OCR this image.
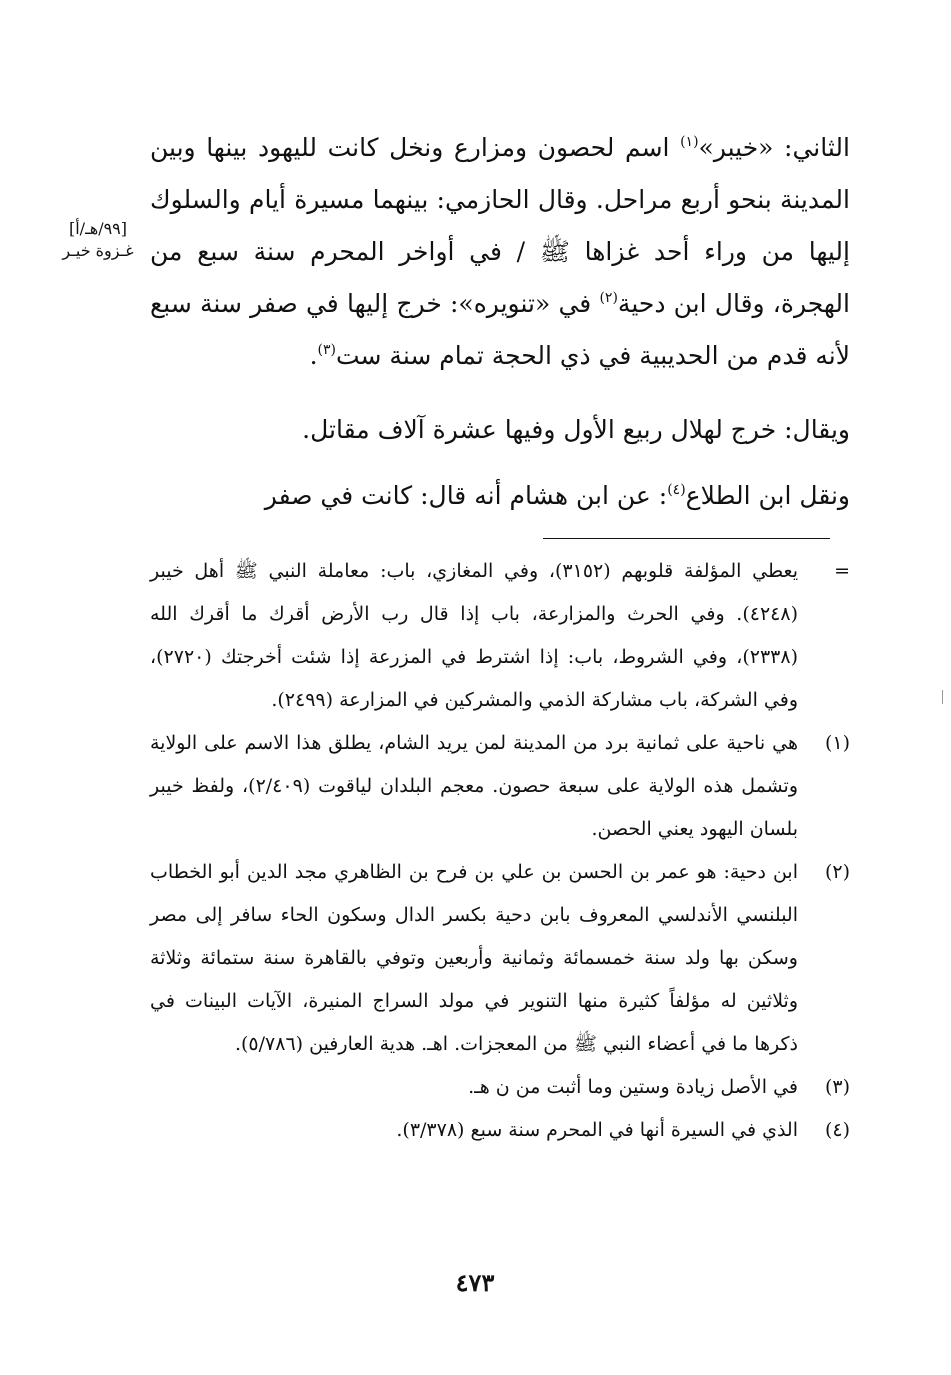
[٩٩/هـ/أ]
غـزوة خيـر

الثاني: «خيبر»$^{(١)}$ اسم لحصون ومزارع ونخل كانت لليهود بينها وبين المدينة بنحو أربع مراحل. وقال الحازمي: بينهما مسيرة أيام والسلوك إليها من وراء أحد غزاها ﷺ / في أواخر المحرم سنة سبع من الهجرة، وقال ابن دحية$^{(٢)}$ في «تنويره»: خرج إليها في صفر سنة سبع لأنه قدم من الحديبية في ذي الحجة تمام سنة ست$^{(٣)}$.

ويقال: خرج لهلال ربيع الأول وفيها عشرة آلاف مقاتل.

ونقل ابن الطلاع$^{(٤)}$: عن ابن هشام أنه قال: كانت في صفر

=
يعطي المؤلفة قلوبهم (٣١٥٢)، وفي المغازي، باب: معاملة النبي ﷺ أهل خيبر (٤٢٤٨). وفي الحرث والمزارعة، باب إذا قال رب الأرض أقرك ما أقرك الله (٢٣٣٨)، وفي الشروط، باب: إذا اشترط في المزرعة إذا شئت أخرجتك (٢٧٢٠)، وفي الشركة، باب مشاركة الذمي والمشركين في المزارعة (٢٤٩٩).
(١)
هي ناحية على ثمانية برد من المدينة لمن يريد الشام، يطلق هذا الاسم على الولاية وتشمل هذه الولاية على سبعة حصون. معجم البلدان لياقوت (٢/٤٠٩)، ولفظ خيبر بلسان اليهود يعني الحصن.
(٢)
ابن دحية: هو عمر بن الحسن بن علي بن فرح بن الظاهري مجد الدين أبو الخطاب البلنسي الأندلسي المعروف بابن دحية بكسر الدال وسكون الحاء سافر إلى مصر وسكن بها ولد سنة خمسمائة وثمانية وأربعين وتوفي بالقاهرة سنة ستمائة وثلاثة وثلاثين له مؤلفاً كثيرة منها التنوير في مولد السراج المنيرة، الآيات البينات في ذكرها ما في أعضاء النبي ﷺ من المعجزات. اهـ. هدية العارفين (٥/٧٨٦).
(٣)
في الأصل زيادة وستين وما أثبت من ن هـ.
(٤)
الذي في السيرة أنها في المحرم سنة سبع (٣/٣٧٨).
٤٧٣
